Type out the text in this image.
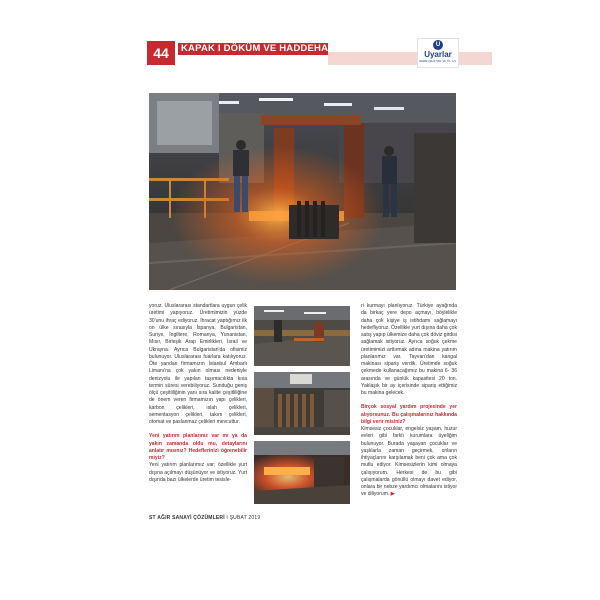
44	KAPAK I DÖKÜM VE HADDEHANELER	U
Uyarlar
DEMİR ÇELİK SAN. VE TİC. A.Ş.

yoruz. Uluslararası standartlara uygun çelik üretimi yapıyoruz. Üretimimizin yüzde 30'unu ihraç ediyoruz. İhracat yaptığımız ilk on ülke sırasıyla İspanya, Bulgaristan, Suriye, İngiltere, Romanya, Yunanistan, Mısır, Birleşik Arap Emirlikleri, İsrail ve Ukrayna. Ayrıca Bulgaristan'da ofisimiz bulunuyor. Uluslararası fuarlara katılıyoruz. Öte yandan firmamızın İstanbul Ambarlı Limanı'na çok yakın olması nedeniyle denizyolu ile yapılan taşımacılıkta kısa termin süresi verebiliyoruz. Sunduğu geniş ölçü çeşitliliğinin yanı sıra kalite çeşitliliğine de önem veren firmamızın yapı çelikleri, karbon çelikleri, ıslah çelikleri, sementasyon çelikleri, takım çelikleri, otomat ve paslanmaz çelikleri mevcuttur.

Yeni yatırım planlarınız var mı ya da yakın zamanda oldu mu, detaylarını anlatır mısınız? Hedeflerinizi öğrenebilir miyiz?

Yeni yatırım planlarımız var; özellikle yurt dışına açılmayı düşünüyor ve istiyoruz. Yurt dışında bazı ülkelerde üretim tesisle-

ri kurmayı planlıyoruz. Türkiye ayağında da birkaç yere depo açmayı, böylelikle daha çok kişiye iş istihdamı sağlamayı hedefliyoruz. Özellikle yurt dışına daha çok satış yapıp ülkemize daha çok döviz girdisi sağlamak istiyoruz. Ayrıca soğuk çekme üretimimizi arttırmak adına makina yatırım planlarımız var. Tayvan'dan kangal makinası sipariş verdik. Üretimde soğuk çekmede kullanacağımız bu makina 6- 36 arasında ve günlük kapasitesi 20 ton. Yaklaşık bir ay içerisinde sipariş ettiğimiz bu makina gelecek.

Birçok sosyal yardım projesinde yer alıyorsunuz. Bu çalışmalarınız hakkında bilgi verir misiniz?

Kimsesiz çocuklar, engelsiz yaşam, huzur evleri gibi farklı kurumlara üyeliğim bulunuyor. Burada yaşayan çocuklar ve yaşlılarla zaman geçirmek, onların ihtiyaçlarını karşılamak beni çok ama çok mutlu ediyor. Kimsesizlerin kimi olmaya çalışıyorum. Herkesi de bu gibi çalışmalarda gönüllü olmayı davet ediyor, onlara bir nebze yardımcı olmalarını istiyor ve diliyorum. ▶

ST AĞIR SANAYİ ÇÖZÜMLERİ I ŞUBAT 2019
